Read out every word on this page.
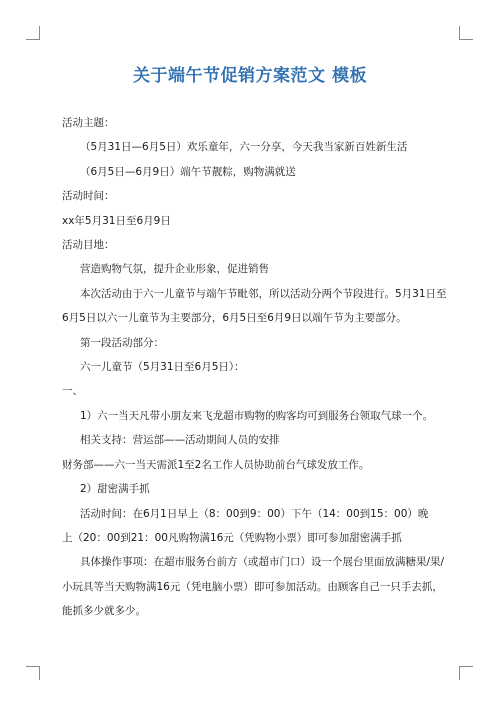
关于端午节促销方案范文 模板

活动主题：

（5月31日—6月5日）欢乐童年，六一分享，今天我当家新百姓新生活

（6月5日—6月9日）端午节靓粽，购物满就送

活动时间：

xx年5月31日至6月9日

活动目地：

营造购物气氛，提升企业形象，促进销售

本次活动由于六一儿童节与端午节毗邻，所以活动分两个节段进行。5月31日至

6月5日以六一儿童节为主要部分，6月5日至6月9日以端午节为主要部分。

第一段活动部分：

六一儿童节（5月31日至6月5日）：

一、

1）六一当天凡带小朋友来飞龙超市购物的购客均可到服务台领取气球一个。

相关支持：营运部——活动期间人员的安排

财务部——六一当天需派1至2名工作人员协助前台气球发放工作。

2）甜密满手抓

活动时间：在6月1日早上（8：00到9：00）下午（14：00到15：00）晚

上（20：00到21：00凡购物满16元（凭购物小票）即可参加甜密满手抓

具体操作事项：在超市服务台前方（或超市门口）设一个展台里面放满糖果/果/

小玩具等当天购物满16元（凭电脑小票）即可参加活动。由顾客自己一只手去抓，

能抓多少就多少。
